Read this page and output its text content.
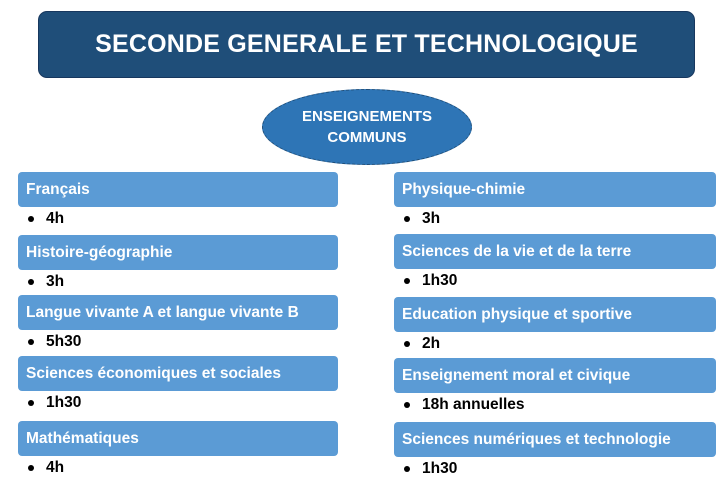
SECONDE GENERALE ET TECHNOLOGIQUE
ENSEIGNEMENTS
COMMUNS
Français
4h
Histoire-géographie
3h
Langue vivante A et langue vivante B
5h30
Sciences économiques et sociales
1h30
Mathématiques
4h
Physique-chimie
3h
Sciences de la vie et de la terre
1h30
Education physique et sportive
2h
Enseignement moral et civique
18h annuelles
Sciences numériques et technologie
1h30
